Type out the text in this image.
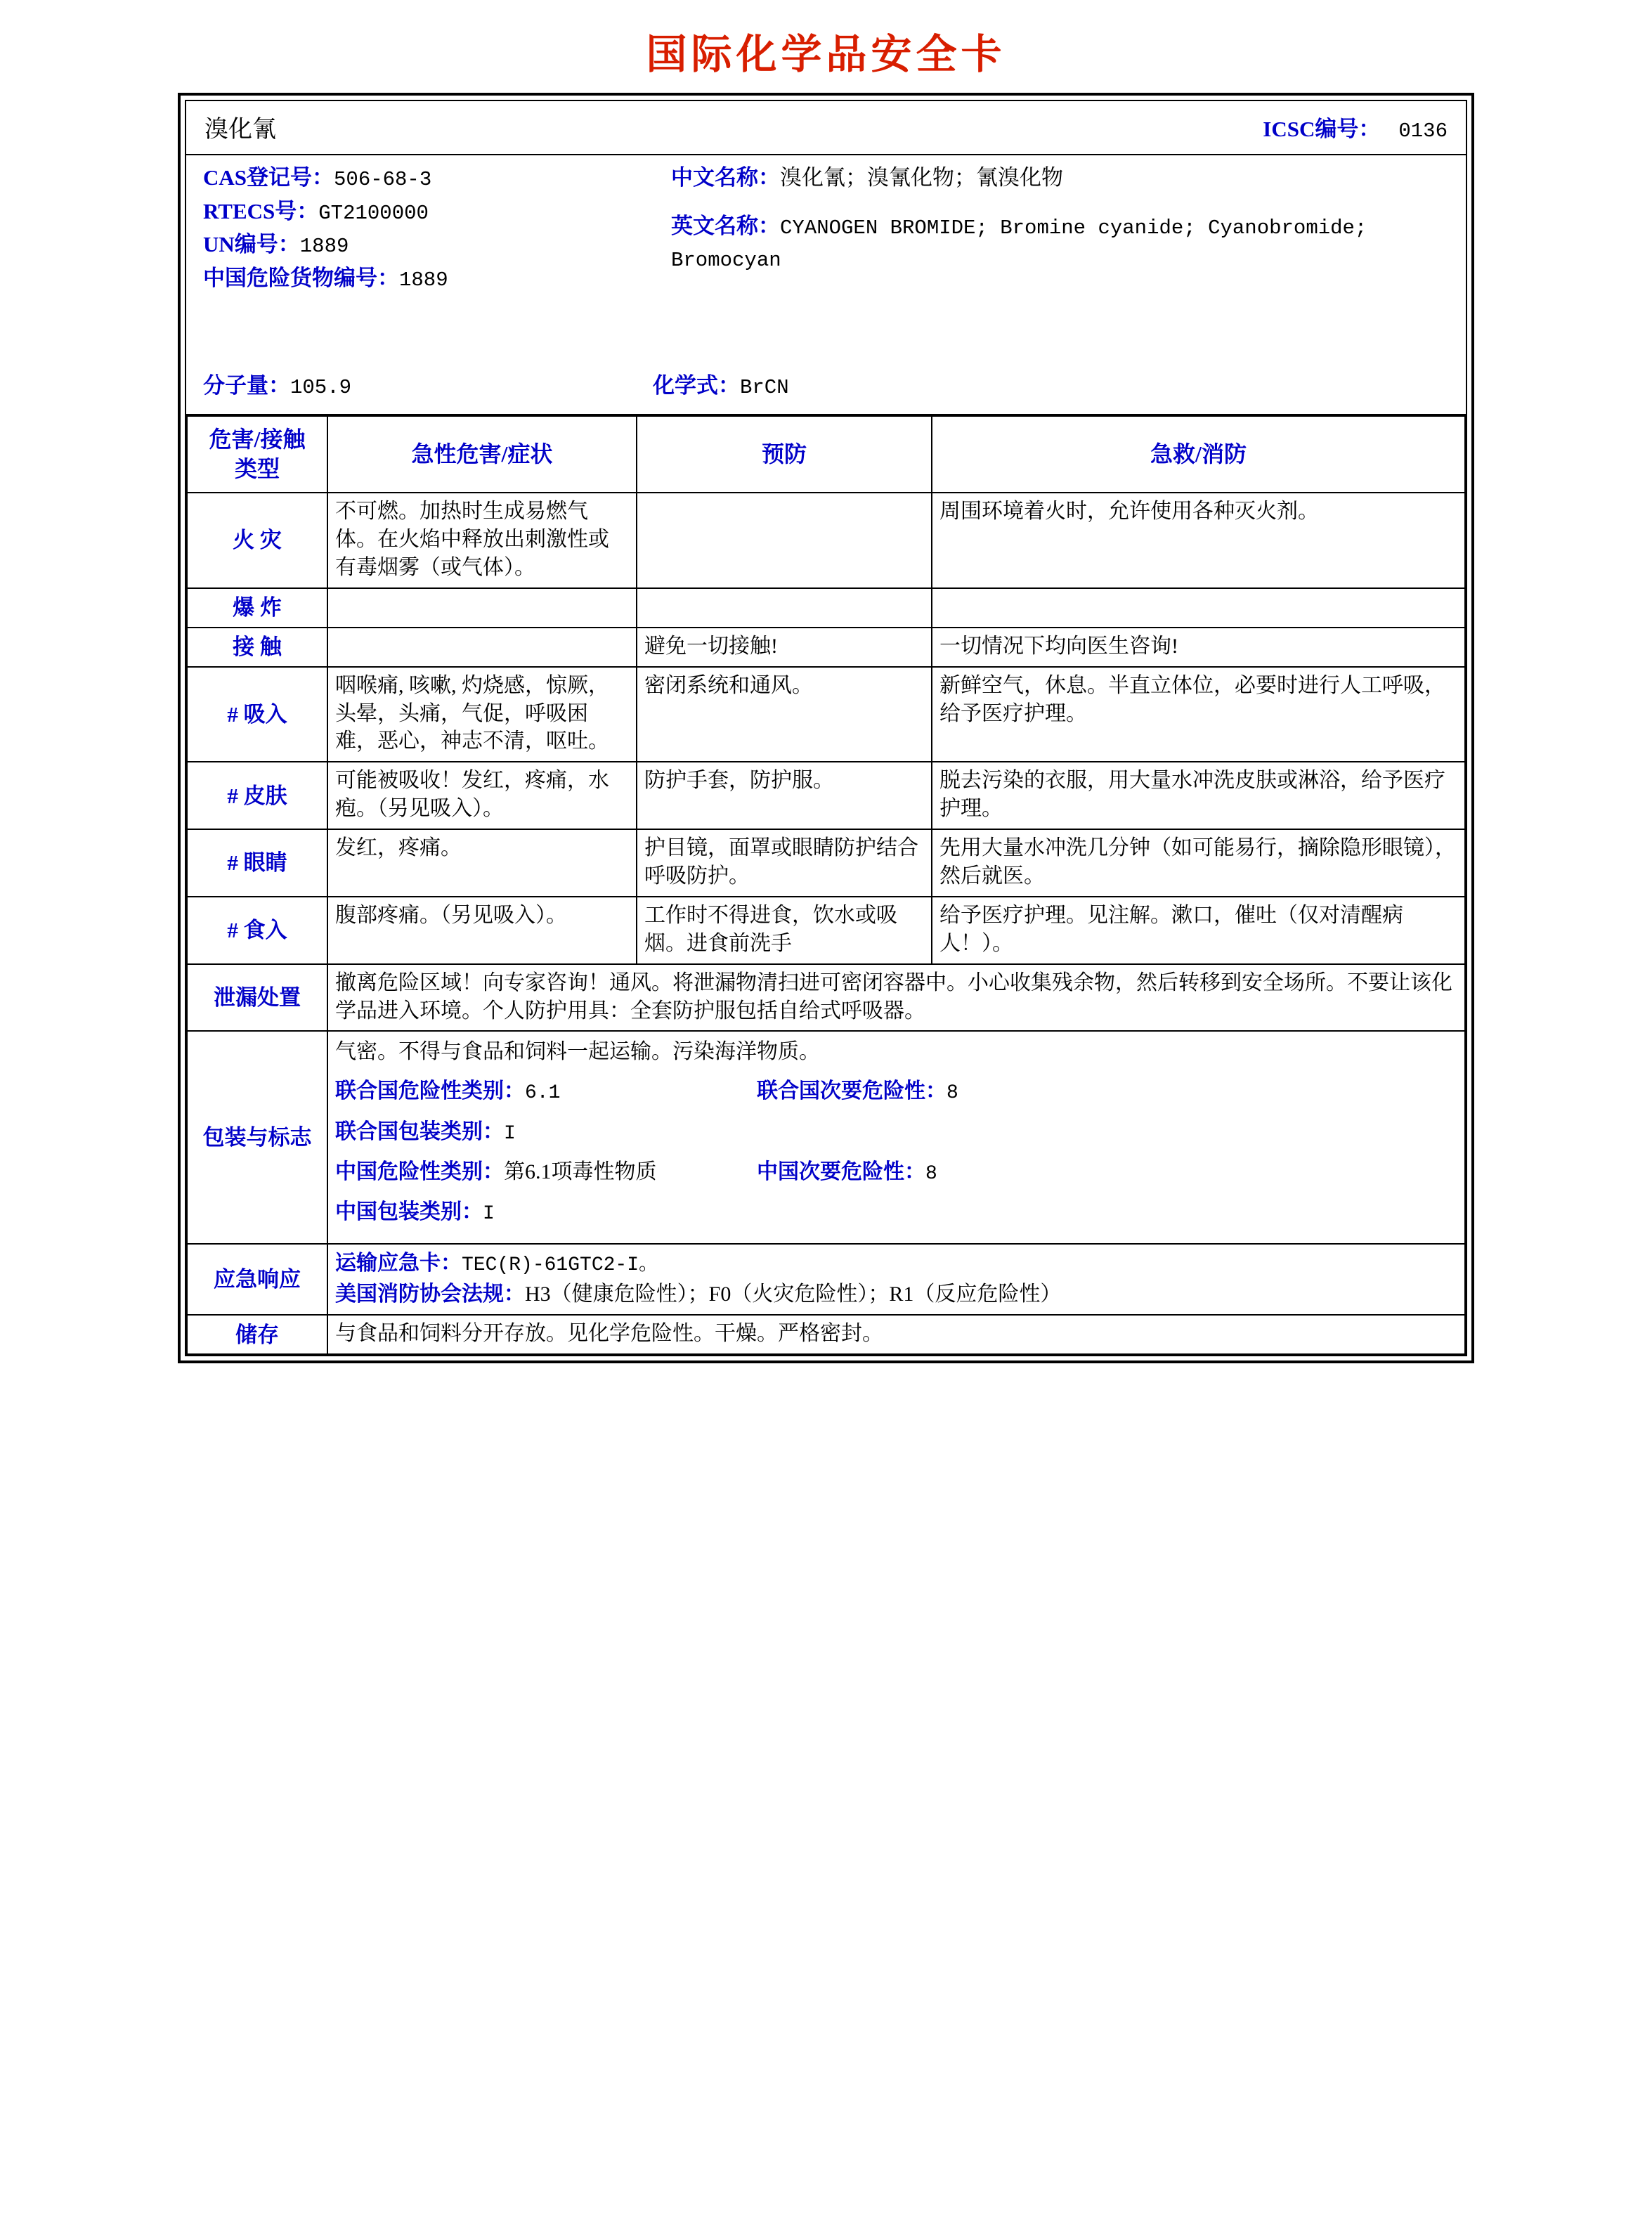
国际化学品安全卡
溴化氰	ICSC编号： 0136
CAS登记号：506-68-3
RTECS号：GT2100000
UN编号：1889
中国危险货物编号：1889
中文名称：溴化氰；溴氰化物；氰溴化物
英文名称：CYANOGEN BROMIDE; Bromine cyanide; Cyanobromide; Bromocyan
分子量：105.9	化学式：BrCN
危害/接触
类型	急性危害/症状	预防	急救/消防
火 灾	不可燃。加热时生成易燃气体。在火焰中释放出刺激性或有毒烟雾（或气体）。		周围环境着火时，允许使用各种灭火剂。
爆 炸			
接 触		避免一切接触!	一切情况下均向医生咨询!
# 吸入	咽喉痛, 咳嗽, 灼烧感，惊厥，头晕，头痛，气促，呼吸困难，恶心，神志不清，呕吐。	密闭系统和通风。	新鲜空气，休息。半直立体位，必要时进行人工呼吸，给予医疗护理。
# 皮肤	可能被吸收！发红，疼痛，水疱。（另见吸入）。	防护手套，防护服。	脱去污染的衣服，用大量水冲洗皮肤或淋浴，给予医疗护理。
# 眼睛	发红，疼痛。	护目镜，面罩或眼睛防护结合呼吸防护。	先用大量水冲洗几分钟（如可能易行，摘除隐形眼镜），然后就医。
# 食入	腹部疼痛。（另见吸入）。	工作时不得进食，饮水或吸烟。进食前洗手	给予医疗护理。见注解。漱口，催吐（仅对清醒病人！）。
泄漏处置	撤离危险区域！向专家咨询！通风。将泄漏物清扫进可密闭容器中。小心收集残余物，然后转移到安全场所。不要让该化学品进入环境。个人防护用具：全套防护服包括自给式呼吸器。		
包装与标志	
气密。不得与食品和饲料一起运输。污染海洋物质。
联合国危险性类别：6.1	联合国次要危险性：8
联合国包装类别：I
中国危险性类别：第6.1项毒性物质	中国次要危险性：8
中国包装类别：I

应急响应	运输应急卡：TEC(R)-61GTC2-I。
美国消防协会法规：H3（健康危险性）；F0（火灾危险性）；R1（反应危险性）		

储存	与食品和饲料分开存放。见化学危险性。干燥。严格密封。		
